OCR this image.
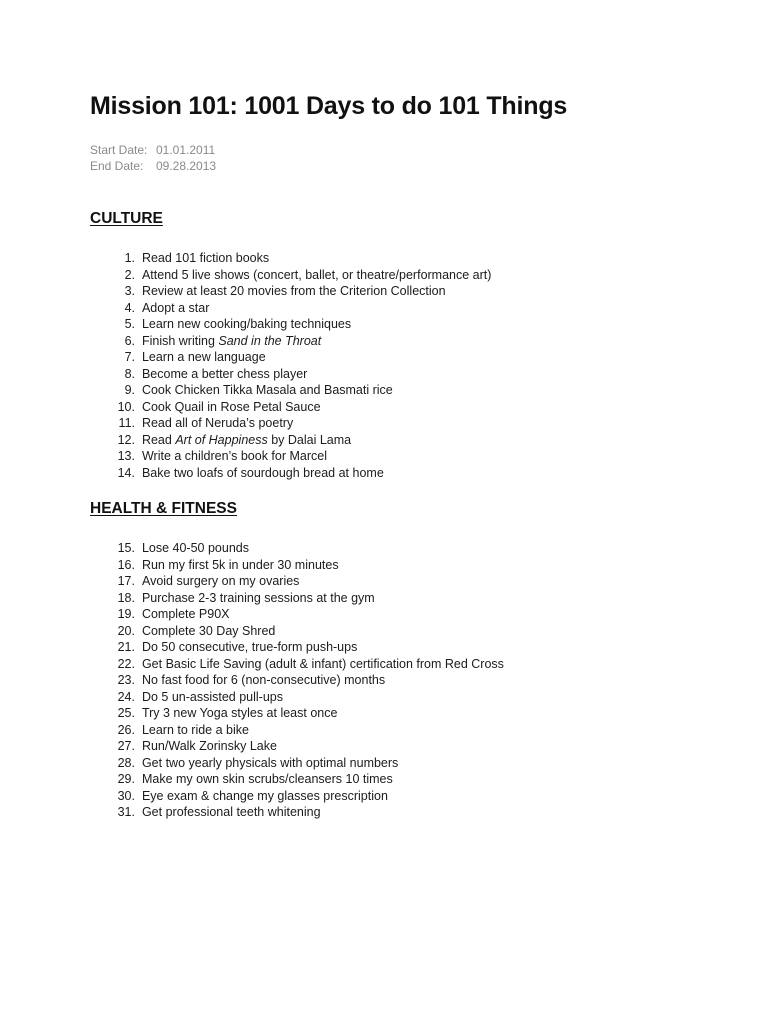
Mission 101: 1001 Days to do 101 Things
Start Date: 01.01.2011
End Date: 09.28.2013
CULTURE
1. Read 101 fiction books
2. Attend 5 live shows (concert, ballet, or theatre/performance art)
3. Review at least 20 movies from the Criterion Collection
4. Adopt a star
5. Learn new cooking/baking techniques
6. Finish writing Sand in the Throat
7. Learn a new language
8. Become a better chess player
9. Cook Chicken Tikka Masala and Basmati rice
10. Cook Quail in Rose Petal Sauce
11. Read all of Neruda’s poetry
12. Read Art of Happiness by Dalai Lama
13. Write a children’s book for Marcel
14. Bake two loafs of sourdough bread at home
HEALTH & FITNESS
15. Lose 40-50 pounds
16. Run my first 5k in under 30 minutes
17. Avoid surgery on my ovaries
18. Purchase 2-3 training sessions at the gym
19. Complete P90X
20. Complete 30 Day Shred
21. Do 50 consecutive, true-form push-ups
22. Get Basic Life Saving (adult & infant) certification from Red Cross
23. No fast food for 6 (non-consecutive) months
24. Do 5 un-assisted pull-ups
25. Try 3 new Yoga styles at least once
26. Learn to ride a bike
27. Run/Walk Zorinsky Lake
28. Get two yearly physicals with optimal numbers
29. Make my own skin scrubs/cleansers 10 times
30. Eye exam & change my glasses prescription
31. Get professional teeth whitening
